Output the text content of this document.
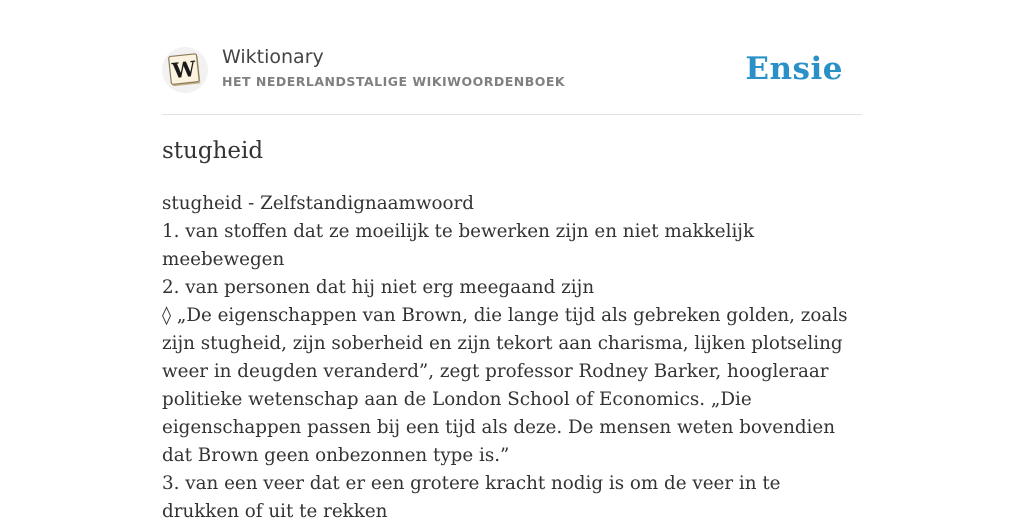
W Wiktionary
HET NEDERLANDSTALIGE WIKIWOORDENBOEK	Ensie
stugheid
stugheid - Zelfstandignaamwoord
1. van stoffen dat ze moeilijk te bewerken zijn en niet makkelijk meebewegen
2. van personen dat hij niet erg meegaand zijn
◊ „De eigenschappen van Brown, die lange tijd als gebreken golden, zoals zijn stugheid, zijn soberheid en zijn tekort aan charisma, lijken plotseling weer in deugden veranderd”, zegt professor Rodney Barker, hoogleraar politieke wetenschap aan de London School of Economics. „Die eigenschappen passen bij een tijd als deze. De mensen weten bovendien dat Brown geen onbezonnen type is.”
3. van een veer dat er een grotere kracht nodig is om de veer in te drukken of uit te rekken
